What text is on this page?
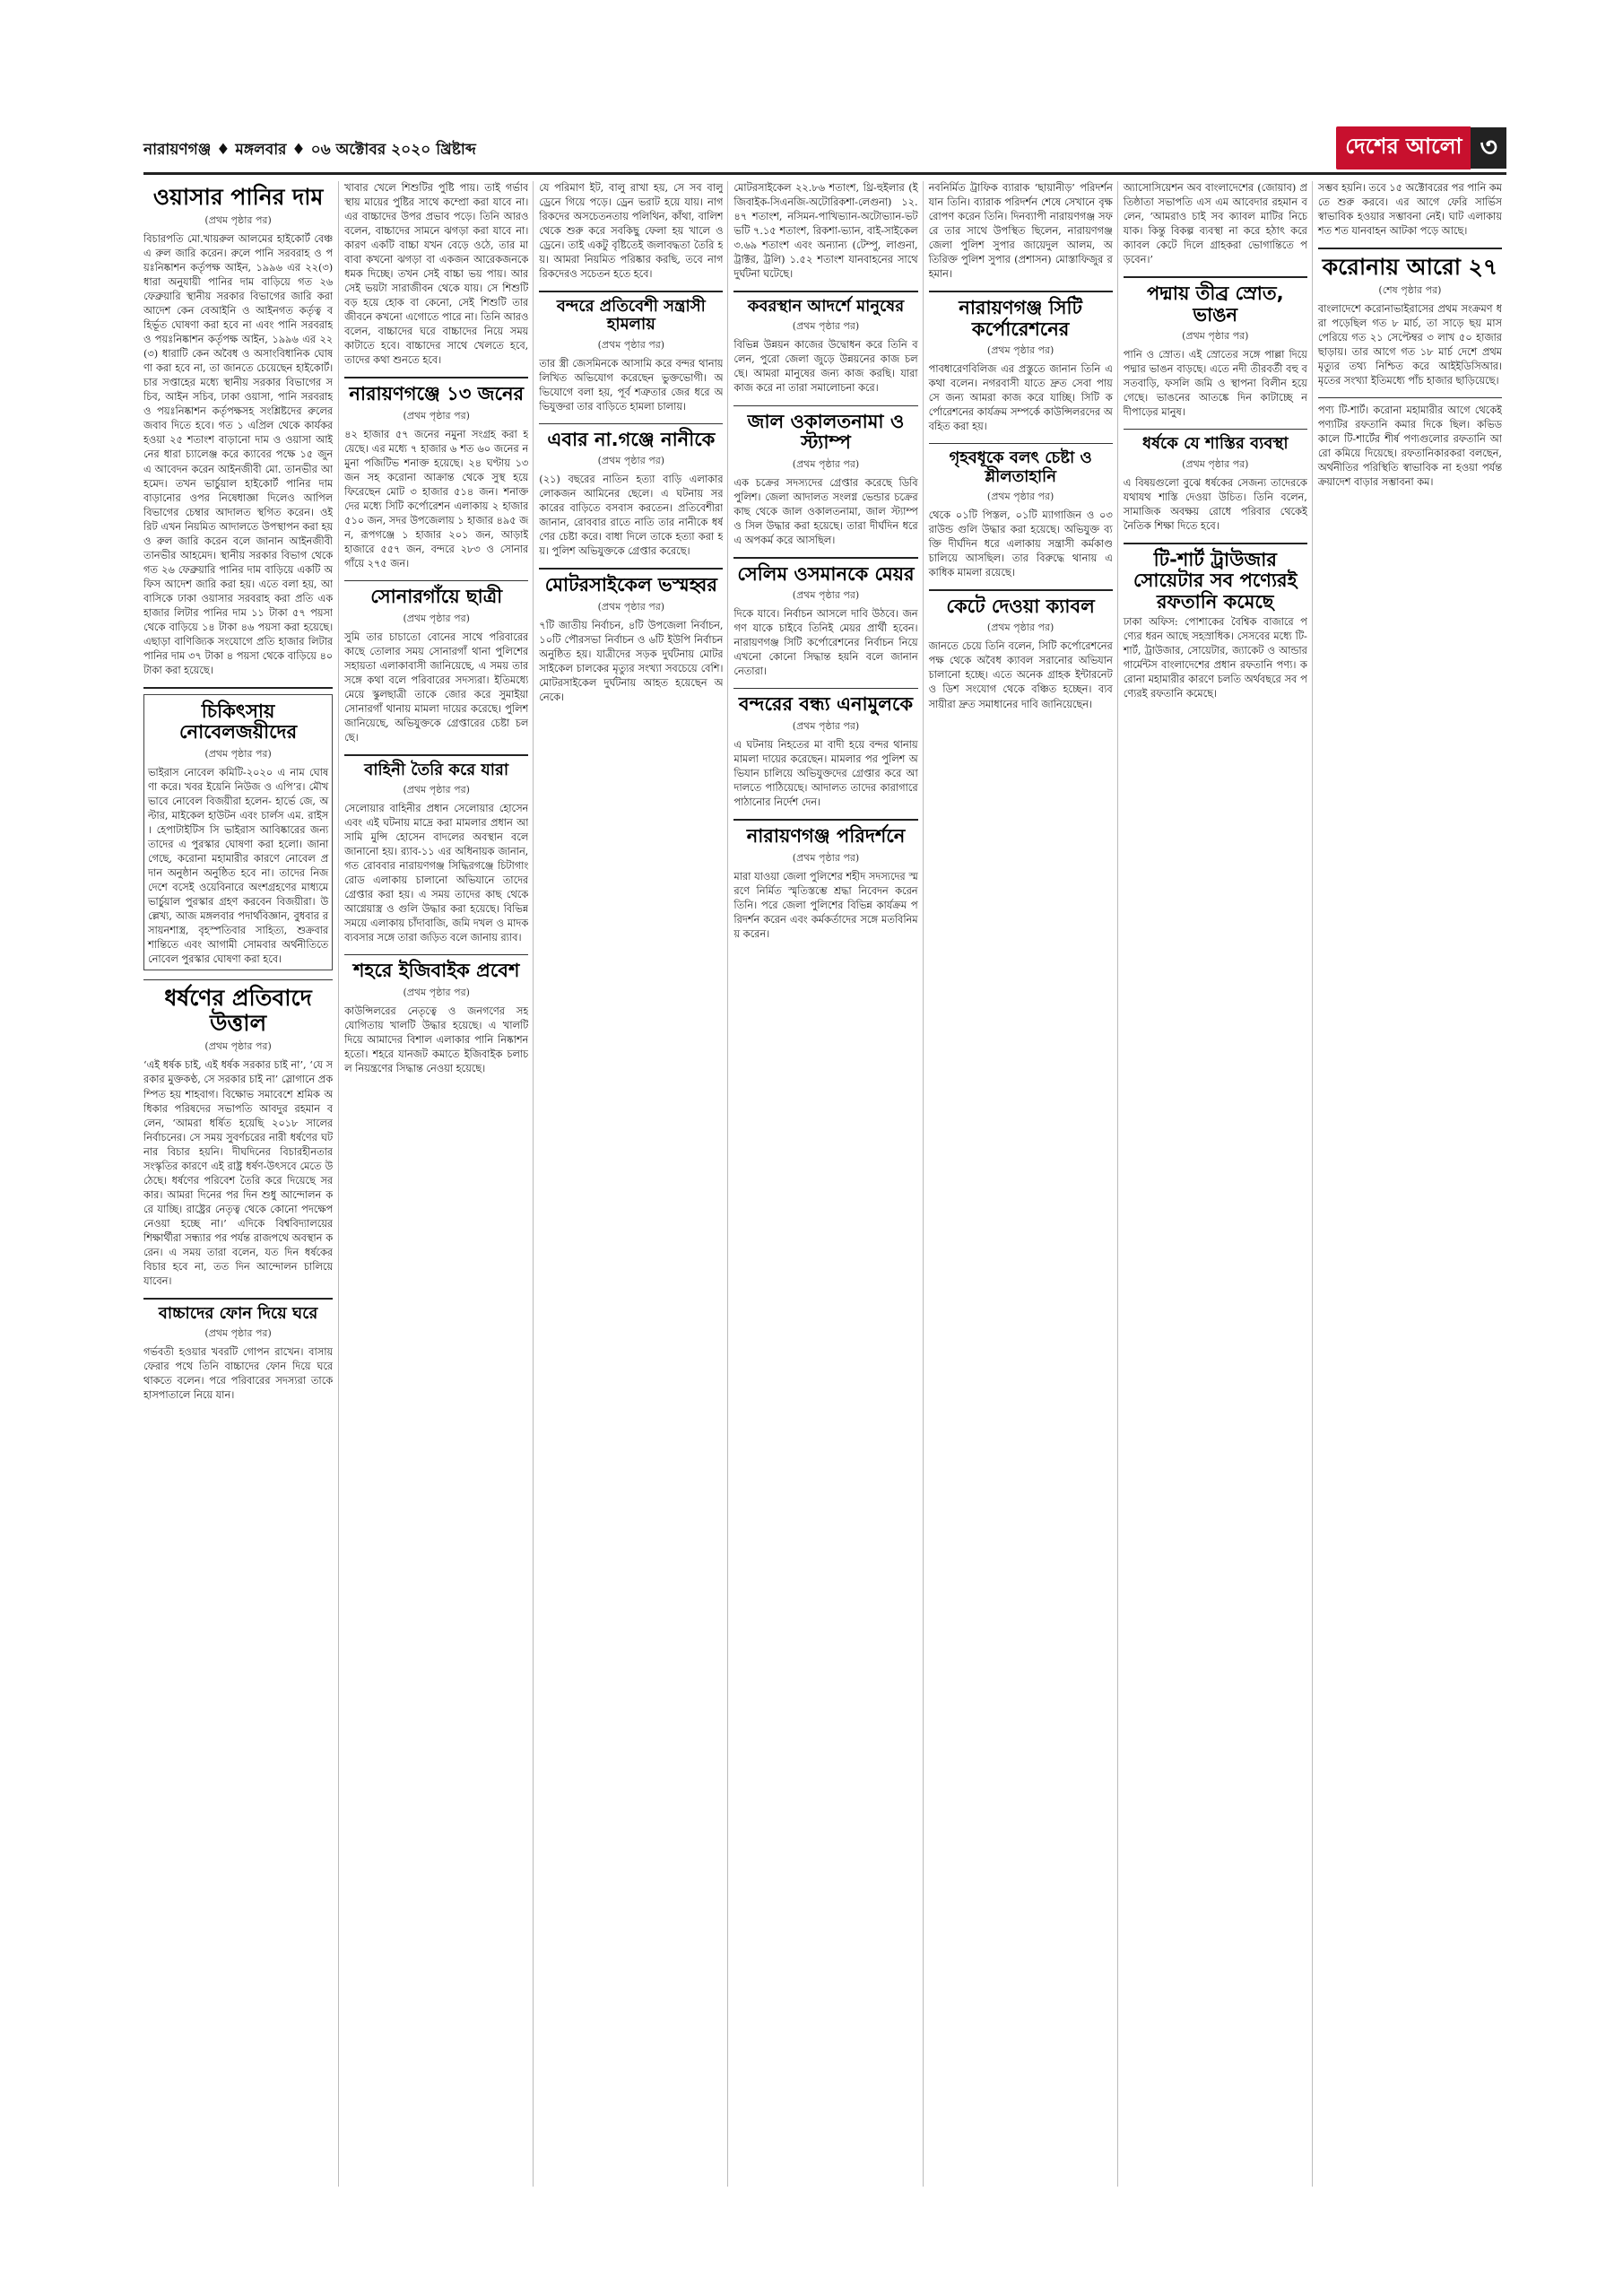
নারায়ণগঞ্জ ♦ মঙ্গলবার ♦ ০৬ অক্টোবর ২০২০ খ্রিষ্টাব্দ	দেশের আলো ৩
ওয়াসার পানির দাম
(প্রথম পৃষ্ঠার পর)

বিচারপতি মো.খায়রুল আলমের হাইকোর্ট বেঞ্চ এ রুল জারি করেন। রুলে পানি সরবরাহ ও পয়ঃনিষ্কাশন কর্তৃপক্ষ আইন, ১৯৯৬ এর ২২(৩) ধারা অনুযায়ী পানির দাম বাড়িয়ে গত ২৬ ফেব্রুয়ারি স্থানীয় সরকার বিভাগের জারি করা আদেশ কেন বেআইনি ও আইনগত কর্তৃত্ব বহির্ভূত ঘোষণা করা হবে না এবং পানি সরবরাহ ও পয়ঃনিষ্কাশন কর্তৃপক্ষ আইন, ১৯৯৬ এর ২২(৩) ধারাটি কেন অবৈধ ও অসাংবিধানিক ঘোষণা করা হবে না, তা জানতে চেয়েছেন হাইকোর্ট। চার সপ্তাহের মধ্যে স্থানীয় সরকার বিভাগের সচিব, আইন সচিব, ঢাকা ওয়াসা, পানি সরবরাহ ও পয়ঃনিষ্কাশন কর্তৃপক্ষসহ সংশ্লিষ্টদের রুলের জবাব দিতে হবে। গত ১ এপ্রিল থেকে কার্যকর হওয়া ২৫ শতাংশ বাড়ানো দাম ও ওয়াসা আইনের ধারা চ্যালেঞ্জ করে ক্যাবের পক্ষে ১৫ জুন এ আবেদন করেন আইনজীবী মো. তানভীর আহমেদ। তখন ভার্চুয়াল হাইকোর্ট পানির দাম বাড়ানোর ওপর নিষেধাজ্ঞা দিলেও আপিল বিভাগের চেম্বার আদালত স্থগিত করেন। ওই রিট এখন নিয়মিত আদালতে উপস্থাপন করা হয় ও রুল জারি করেন বলে জানান আইনজীবী তানভীর আহমেদ। স্থানীয় সরকার বিভাগ থেকে গত ২৬ ফেব্রুয়ারি পানির দাম বাড়িয়ে একটি অফিস আদেশ জারি করা হয়। এতে বলা হয়, আবাসিকে ঢাকা ওয়াসার সরবরাহ করা প্রতি এক হাজার লিটার পানির দাম ১১ টাকা ৫৭ পয়সা থেকে বাড়িয়ে ১৪ টাকা ৪৬ পয়সা করা হয়েছে। এছাড়া বাণিজ্যিক সংযোগে প্রতি হাজার লিটার পানির দাম ৩৭ টাকা ৪ পয়সা থেকে বাড়িয়ে ৪০ টাকা করা হয়েছে।

চিকিৎসায় নোবেলজয়ীদের
(প্রথম পৃষ্ঠার পর)

ভাইরাস নোবেল কমিটি-২০২০ এ নাম ঘোষণা করে। খবর ইয়েনি নিউজ ও এপি’র। মৌখভাবে নোবেল বিজয়ীরা হলেন- হার্ভে জে, অল্টার, মাইকেল হাউটন এবং চার্লস এম. রাইস। হেপাটাইটিস সি ভাইরাস আবিষ্কারের জন্য তাদের এ পুরস্কার ঘোষণা করা হলো। জানা গেছে, করোনা মহামারীর কারণে নোবেল প্রদান অনুষ্ঠান অনুষ্ঠিত হবে না। তাদের নিজ দেশে বসেই ওয়েবিনারে অংশগ্রহণের মাধ্যমে ভার্চুয়াল পুরস্কার গ্রহণ করবেন বিজয়ীরা। উল্লেখ্য, আজ মঙ্গলবার পদার্থবিজ্ঞান, বুধবার রসায়নশাস্ত্র, বৃহস্পতিবার সাহিত্য, শুক্রবার শান্তিতে এবং আগামী সোমবার অর্থনীতিতে নোবেল পুরস্কার ঘোষণা করা হবে।

ধর্ষণের প্রতিবাদে উত্তাল
(প্রথম পৃষ্ঠার পর)

‘এই ধর্ষক চাই, এই ধর্ষক সরকার চাই না’, ‘যে সরকার মুক্তকণ্ঠ, সে সরকার চাই না’ স্লোগানে প্রকম্পিত হয় শাহবাগ। বিক্ষোভ সমাবেশে শ্রমিক অধিকার পরিষদের সভাপতি আবদুর রহমান বলেন, ‘আমরা ধর্ষিত হয়েছি ২০১৮ সালের নির্বাচনের। সে সময় সুবর্ণচরের নারী ধর্ষণের ঘটনার বিচার হয়নি। দীঘদিনের বিচারহীনতার সংস্কৃতির কারণে এই রাষ্ট্র ধর্ষণ-উৎসবে মেতে উঠেছে। ধর্ষণের পরিবেশ তৈরি করে দিয়েছে সরকার। আমরা দিনের পর দিন শুধু আন্দোলন করে যাচ্ছি। রাষ্ট্রের নেতৃত্ব থেকে কোনো পদক্ষেপ নেওয়া হচ্ছে না।’ এদিকে বিশ্ববিদ্যালয়ের শিক্ষার্থীরা সন্ধ্যার পর পর্যন্ত রাজপথে অবস্থান করেন। এ সময় তারা বলেন, যত দিন ধর্ষকের বিচার হবে না, তত দিন আন্দোলন চালিয়ে যাবেন।

বাচ্চাদের ফোন দিয়ে ঘরে
(প্রথম পৃষ্ঠার পর)

গর্ভবতী হওয়ার খবরটি গোপন রাখেন। বাসায় ফেরার পথে তিনি বাচ্চাদের ফোন দিয়ে ঘরে থাকতে বলেন। পরে পরিবারের সদস্যরা তাকে হাসপাতালে নিয়ে যান।

খাবার খেলে শিশুটির পুষ্টি পায়। তাই গর্ভাবস্থায় মায়ের পুষ্টির সাথে কম্প্রো করা যাবে না। এর বাচ্চাদের উপর প্রভাব পড়ে। তিনি আরও বলেন, বাচ্চাদের সামনে ঝগড়া করা যাবে না। কারণ একটি বাচ্চা যখন বেড়ে ওঠে, তার মা বাবা কখনো ঝগড়া বা একজন আরেকজনকে ধমক দিচ্ছে। তখন সেই বাচ্চা ভয় পায়। আর সেই ভয়টা সারাজীবন থেকে যায়। সে শিশুটি বড় হয়ে হোক বা কেনো, সেই শিশুটি তার জীবনে কখনো এগোতে পারে না। তিনি আরও বলেন, বাচ্চাদের ঘরে বাচ্চাদের নিয়ে সময় কাটাতে হবে। বাচ্চাদের সাথে খেলতে হবে, তাদের কথা শুনতে হবে।

নারায়ণগঞ্জে ১৩ জনের
(প্রথম পৃষ্ঠার পর)

৪২ হাজার ৫৭ জনের নমুনা সংগ্রহ করা হয়েছে। এর মধ্যে ৭ হাজার ৬ শত ৬০ জনের নমুনা পজিটিভ শনাক্ত হয়েছে। ২৪ ঘণ্টায় ১৩ জন সহ করোনা আক্রান্ত থেকে সুস্থ হয়ে ফিরেছেন মোট ৩ হাজার ৫১৪ জন। শনাক্তদের মধ্যে সিটি কর্পোরেশন এলাকায় ২ হাজার ৫১০ জন, সদর উপজেলায় ১ হাজার ৪৯৫ জন, রূপগঞ্জে ১ হাজার ২০১ জন, আড়াইহাজারে ৫৫৭ জন, বন্দরে ২৮৩ ও সোনারগাঁয়ে ২৭৫ জন।

সোনারগাঁয়ে ছাত্রী
(প্রথম পৃষ্ঠার পর)

সুমি তার চাচাতো বোনের সাথে পরিবারের কাছে তোলার সময় সোনারগাঁ থানা পুলিশের সহায়তা এলাকাবাসী জানিয়েছে, এ সময় তার সঙ্গে কথা বলে পরিবারের সদস্যরা। ইতিমধ্যে মেয়ে স্কুলছাত্রী তাকে জোর করে সুমাইয়া সোনারগাঁ থানায় মামলা দায়ের করেছে। পুলিশ জানিয়েছে, অভিযুক্তকে গ্রেপ্তারের চেষ্টা চলছে।

বাহিনী তৈরি করে যারা
(প্রথম পৃষ্ঠার পর)

সেলোয়ার বাহিনীর প্রধান সেলোয়ার হোসেন এবং এই ঘটনায় মাদ্রে করা মামলার প্রধান আসামি মুন্সি হোসেন বাদলের অবস্থান বলে জানানো হয়। র‍্যাব-১১ এর অধিনায়ক জানান, গত রোববার নারায়ণগঞ্জ সিদ্ধিরগঞ্জে চিটাগাং রোড এলাকায় চালানো অভিযানে তাদের গ্রেপ্তার করা হয়। এ সময় তাদের কাছ থেকে আগ্নেয়াস্ত্র ও গুলি উদ্ধার করা হয়েছে। বিভিন্ন সময়ে এলাকায় চাঁদাবাজি, জমি দখল ও মাদক ব্যবসার সঙ্গে তারা জড়িত বলে জানায় র‍্যাব।

শহরে ইজিবাইক প্রবেশ
(প্রথম পৃষ্ঠার পর)

কাউন্সিলরের নেতৃত্বে ও জনগণের সহযোগিতায় খালটি উদ্ধার হয়েছে। এ খালটি দিয়ে আমাদের বিশাল এলাকার পানি নিষ্কাশন হতো। শহরে যানজট কমাতে ইজিবাইক চলাচল নিয়ন্ত্রণের সিদ্ধান্ত নেওয়া হয়েছে।

যে পরিমাণ ইট, বালু রাখা হয়, সে সব বালু ড্রেনে গিয়ে পড়ে। ড্রেন ভরাট হয়ে যায়। নাগরিকদের অসচেতনতায় পলিথিন, কাঁথা, বালিশ থেকে শুরু করে সবকিছু ফেলা হয় খালে ও ড্রেনে। তাই একটু বৃষ্টিতেই জলাবদ্ধতা তৈরি হয়। আমরা নিয়মিত পরিষ্কার করছি, তবে নাগরিকদেরও সচেতন হতে হবে।

বন্দরে প্রতিবেশী সন্ত্রাসী হামলায়
(প্রথম পৃষ্ঠার পর)

তার স্ত্রী জেসমিনকে আসামি করে বন্দর থানায় লিখিত অভিযোগ করেছেন ভুক্তভোগী। অভিযোগে বলা হয়, পূর্ব শত্রুতার জের ধরে অভিযুক্তরা তার বাড়িতে হামলা চালায়।

এবার না.গঞ্জে নানীকে
(প্রথম পৃষ্ঠার পর)

(২১) বছরের নাতিন হত্যা বাড়ি এলাকার লোকজন আমিনের ছেলে। এ ঘটনায় সরকারের বাড়িতে বসবাস করতেন। প্রতিবেশীরা জানান, রোববার রাতে নাতি তার নানীকে ধর্ষণের চেষ্টা করে। বাধা দিলে তাকে হত্যা করা হয়। পুলিশ অভিযুক্তকে গ্রেপ্তার করেছে।

মোটরসাইকেল ভস্মহ্বর
(প্রথম পৃষ্ঠার পর)

৭টি জাতীয় নির্বাচন, ৪টি উপজেলা নির্বাচন, ১০টি পৌরসভা নির্বাচন ও ৬টি ইউপি নির্বাচন অনুষ্ঠিত হয়। যাত্রীদের সড়ক দুর্ঘটনায় মোটরসাইকেল চালকের মৃত্যুর সংখ্যা সবচেয়ে বেশি। মোটরসাইকেল দুর্ঘটনায় আহত হয়েছেন অনেকে।

মোটরসাইকেল ২২.৮৬ শতাংশ, থ্রি-হুইলার (ইজিবাইক-সিএনজি-অটোরিকশা-লেগুনা) ১২.৪৭ শতাংশ, নসিমন-পাখিভ্যান-অটোভ্যান-ভটভটি ৭.১৫ শতাংশ, রিকশা-ভ্যান, বাই-সাইকেল ৩.৬৯ শতাংশ এবং অন্যান্য (টেম্পু, লাগুনা, ট্রাক্টর, ট্রলি) ১.৫২ শতাংশ যানবাহনের সাথে দুর্ঘটনা ঘটেছে।

কবরস্থান আদর্শে মানুষের
(প্রথম পৃষ্ঠার পর)

বিভিন্ন উন্নয়ন কাজের উদ্বোধন করে তিনি বলেন, পুরো জেলা জুড়ে উন্নয়নের কাজ চলছে। আমরা মানুষের জন্য কাজ করছি। যারা কাজ করে না তারা সমালোচনা করে।

জাল ওকালতনামা ও স্ট্যাম্প
(প্রথম পৃষ্ঠার পর)

এক চক্রের সদস্যদের গ্রেপ্তার করেছে ডিবি পুলিশ। জেলা আদালত সংলগ্ন ভেন্ডার চক্রের কাছ থেকে জাল ওকালতনামা, জাল স্ট্যাম্প ও সিল উদ্ধার করা হয়েছে। তারা দীর্ঘদিন ধরে এ অপকর্ম করে আসছিল।

সেলিম ওসমানকে মেয়র
(প্রথম পৃষ্ঠার পর)

দিকে যাবে। নির্বাচন আসলে দাবি উঠবে। জনগণ যাকে চাইবে তিনিই মেয়র প্রার্থী হবেন। নারায়ণগঞ্জ সিটি কর্পোরেশনের নির্বাচন নিয়ে এখনো কোনো সিদ্ধান্ত হয়নি বলে জানান নেতারা।

বন্দরের বন্ধ্য এনামুলকে
(প্রথম পৃষ্ঠার পর)

এ ঘটনায় নিহতের মা বাদী হয়ে বন্দর থানায় মামলা দায়ের করেছেন। মামলার পর পুলিশ অভিযান চালিয়ে অভিযুক্তদের গ্রেপ্তার করে আদালতে পাঠিয়েছে। আদালত তাদের কারাগারে পাঠানোর নির্দেশ দেন।

নারায়ণগঞ্জ পরিদর্শনে
(প্রথম পৃষ্ঠার পর)

মারা যাওয়া জেলা পুলিশের শহীদ সদস্যদের স্মরণে নির্মিত স্মৃতিস্তম্ভে শ্রদ্ধা নিবেদন করেন তিনি। পরে জেলা পুলিশের বিভিন্ন কার্যক্রম পরিদর্শন করেন এবং কর্মকর্তাদের সঙ্গে মতবিনিময় করেন।

নবনির্মিত ট্রাফিক ব্যারাক ‘ছায়ানীড়’ পরিদর্শন যান তিনি। ব্যারাক পরিদর্শন শেষে সেখানে বৃক্ষ রোপণ করেন তিনি। দিনব্যাপী নারায়ণগঞ্জ সফরে তার সাথে উপস্থিত ছিলেন, নারায়ণগঞ্জ জেলা পুলিশ সুপার জায়েদুল আলম, অতিরিক্ত পুলিশ সুপার (প্রশাসন) মোস্তাফিজুর রহমান।

নারায়ণগঞ্জ সিটি কর্পোরেশনের
(প্রথম পৃষ্ঠার পর)

পাবধারেণবিলিজ এর প্রস্তুতে জানান তিনি এ কথা বলেন। নগরবাসী যাতে দ্রুত সেবা পায় সে জন্য আমরা কাজ করে যাচ্ছি। সিটি কর্পোরেশনের কার্যক্রম সম্পর্কে কাউন্সিলরদের অবহিত করা হয়।

গৃহবধূকে বলৎ চেষ্টা ও শ্লীলতাহানি
(প্রথম পৃষ্ঠার পর)

থেকে ০১টি পিস্তল, ০১টি ম্যাগাজিন ও ০৩ রাউন্ড গুলি উদ্ধার করা হয়েছে। অভিযুক্ত ব্যক্তি দীর্ঘদিন ধরে এলাকায় সন্ত্রাসী কর্মকাণ্ড চালিয়ে আসছিল। তার বিরুদ্ধে থানায় একাধিক মামলা রয়েছে।

কেটে দেওয়া ক্যাবল
(প্রথম পৃষ্ঠার পর)

জানতে চেয়ে তিনি বলেন, সিটি কর্পোরেশনের পক্ষ থেকে অবৈধ ক্যাবল সরানোর অভিযান চালানো হচ্ছে। এতে অনেক গ্রাহক ইন্টারনেট ও ডিশ সংযোগ থেকে বঞ্চিত হচ্ছেন। ব্যবসায়ীরা দ্রুত সমাধানের দাবি জানিয়েছেন।

অ্যাসোসিয়েশন অব বাংলাদেশের (জোয়াব) প্রতিষ্ঠাতা সভাপতি এস এম আবেদার রহমান বলেন, ‘আমরাও চাই সব ক্যাবল মাটির নিচে যাক। কিন্তু বিকল্প ব্যবস্থা না করে হঠাৎ করে ক্যাবল কেটে দিলে গ্রাহকরা ভোগান্তিতে পড়বেন।’

পদ্মায় তীব্র স্রোত, ভাঙন
(প্রথম পৃষ্ঠার পর)

পানি ও স্রোত। এই স্রোতের সঙ্গে পাল্লা দিয়ে পদ্মার ভাঙন বাড়ছে। এতে নদী তীরবর্তী বহু বসতবাড়ি, ফসলি জমি ও স্থাপনা বিলীন হয়ে গেছে। ভাঙনের আতঙ্কে দিন কাটাচ্ছে নদীপাড়ের মানুষ।

ধর্ষকে যে শাস্তির ব্যবস্থা
(প্রথম পৃষ্ঠার পর)

এ বিষয়গুলো বুঝে ধর্ষকের সেজন্য তাদেরকে যথাযথ শাস্তি দেওয়া উচিত। তিনি বলেন, সামাজিক অবক্ষয় রোধে পরিবার থেকেই নৈতিক শিক্ষা দিতে হবে।

টি-শার্ট ট্রাউজার সোয়েটার সব পণ্যেরই রফতানি কমেছে

ঢাকা অফিস: পোশাকের বৈশ্বিক বাজারে পণ্যের ধরন আছে সহস্রাধিক। সেসবের মধ্যে টি-শার্ট, ট্রাউজার, সোয়েটার, জ্যাকেট ও আন্ডারগার্মেন্টস বাংলাদেশের প্রধান রফতানি পণ্য। করোনা মহামারীর কারণে চলতি অর্থবছরে সব পণ্যেরই রফতানি কমেছে।

সম্ভব হয়নি। তবে ১৫ অক্টোবরের পর পানি কমতে শুরু করবে। এর আগে ফেরি সার্ভিস স্বাভাবিক হওয়ার সম্ভাবনা নেই। ঘাট এলাকায় শত শত যানবাহন আটকা পড়ে আছে।

করোনায় আরো ২৭
(শেষ পৃষ্ঠার পর)

বাংলাদেশে করোনাভাইরাসের প্রথম সংক্রমণ ধরা পড়েছিল গত ৮ মার্চ, তা সাড়ে ছয় মাস পেরিয়ে গত ২১ সেপ্টেম্বর ৩ লাখ ৫০ হাজার ছাড়ায়। তার আগে গত ১৮ মার্চ দেশে প্রথম মৃত্যুর তথ্য নিশ্চিত করে আইইডিসিআর। মৃতের সংখ্যা ইতিমধ্যে পাঁচ হাজার ছাড়িয়েছে।

পণ্য টি-শার্ট। করোনা মহামারীর আগে থেকেই পণ্যটির রফতানি কমার দিকে ছিল। কভিডকালে টি-শার্টের শীর্ষ পণ্যগুলোর রফতানি আরো কমিয়ে দিয়েছে। রফতানিকারকরা বলছেন, অর্থনীতির পরিস্থিতি স্বাভাবিক না হওয়া পর্যন্ত ক্রয়াদেশ বাড়ার সম্ভাবনা কম।
